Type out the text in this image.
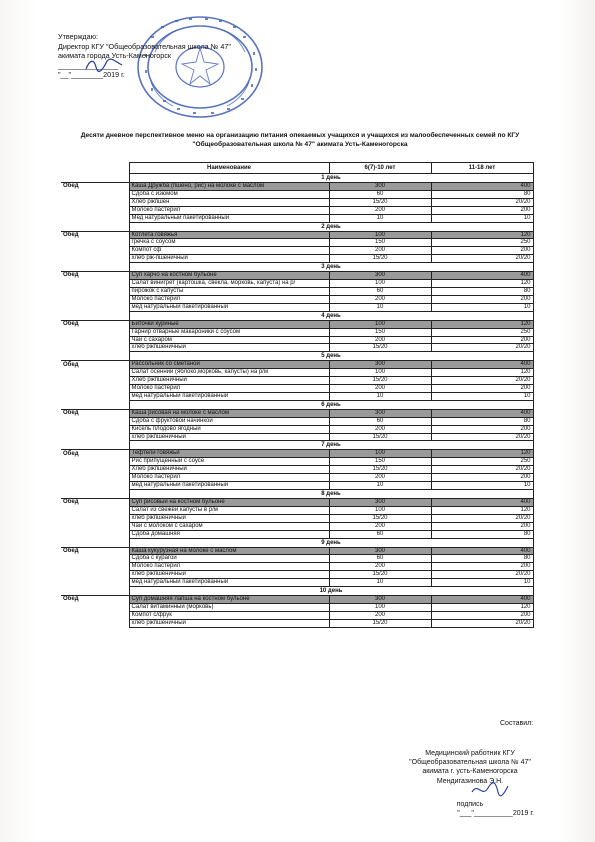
Утверждаю:
Директор КГУ "Общеобразовательная школа № 47"
акимата города Усть-Каменогорск
_______________
"__"________2019 г.
Десяти дневное перспективное меню на организацию питания опекаемых учащихся и учащихся из малообеспеченных семей по КГУ
"Общеобразовательная школа № 47" акимата Усть-Каменогорска
	Наименование	6(7)-10 лет	11-18 лет
	1 день		
Обед	Каша Дружба (пшено, рис) на молоке с маслом	300	400
	Сдоба с изюмом	60	80
	Хлеб ржпшен	15/20	20/20
	Молоко пастерил	200	200
	Мед натуральный пакетированный	10	10
	2 день		
Обед	Котлета говяжья	100	120
	гречка с соусом	150	250
	Компот сф	200	200
	хлеб рж-пшеничный	15/20	20/20
	3 день		
Обед	Суп харчо на костном бульоне	300	400
	Салат винигрет (картошка, свекла, морковь, капуста) на р/	100	120
	пирожок с капусты	60	80
	Молоко пастерил	200	200
	мед натуральный пакетированный	10	10
	4 день		
Обед	Биточки куриные	100	120
	Гарнир отварные макароники с соусом	150	250
	Чай с сахаром	200	200
	хлеб ржпшеничный	15/20	20/20
	5 день		
Обед	Рассольник со сметаной	300	400
	Салат осенний (яблоко,морковь, капусты) на р/м	100	120
	Хлеб ржпшеничный	15/20	20/20
	Молоко пастерил	200	200
	мед натуральный пакетированный	10	10
	6 день		
Обед	Каша рисовая на молоке с маслом	300	400
	Сдоба с фруктовой начинкой	60	80
	Кисель плодово ягодный	200	200
	хлеб ржпшеничный	15/20	20/20
	7 день		
Обед	Тефтели говяжьи	100	120
	Рис припущенный с соусе	150	250
	Хлеб ржпшеничный	15/20	20/20
	Молоко пастерил	200	200
	мед натуральный пакетированный	10	10
	8 день		
Обед	Суп рисовый на костном бульоне	300	400
	Салат из свежей капусты в р/м	100	120
	хлеб ржпшеничный	15/20	20/20
	Чай с молоком с сахаром	200	200
	Сдоба домашняя	60	80
	9 день		
Обед	Каша кукурузная на молоке с маслом	300	400
	Сдоба с курагой	60	80
	Молоко пастерил	200	200
	хлеб ржпшеничный	15/20	20/20
	мед натуральный пакетированный	10	10
	10 день		
Обед	Суп домашняя лапша на костном бульоне	300	400
	Салат витаминный (морковь)	100	120
	Компот с/фрук	200	200
	хлеб ржпшеничный	15/20	20/20
Составил:
Медицинский работник КГУ
"Общеобразовательная школа № 47"
акимата г. усть-Каменогорска
Мендигазинова Э.Н.
подпись
"___"__________2019 г.
